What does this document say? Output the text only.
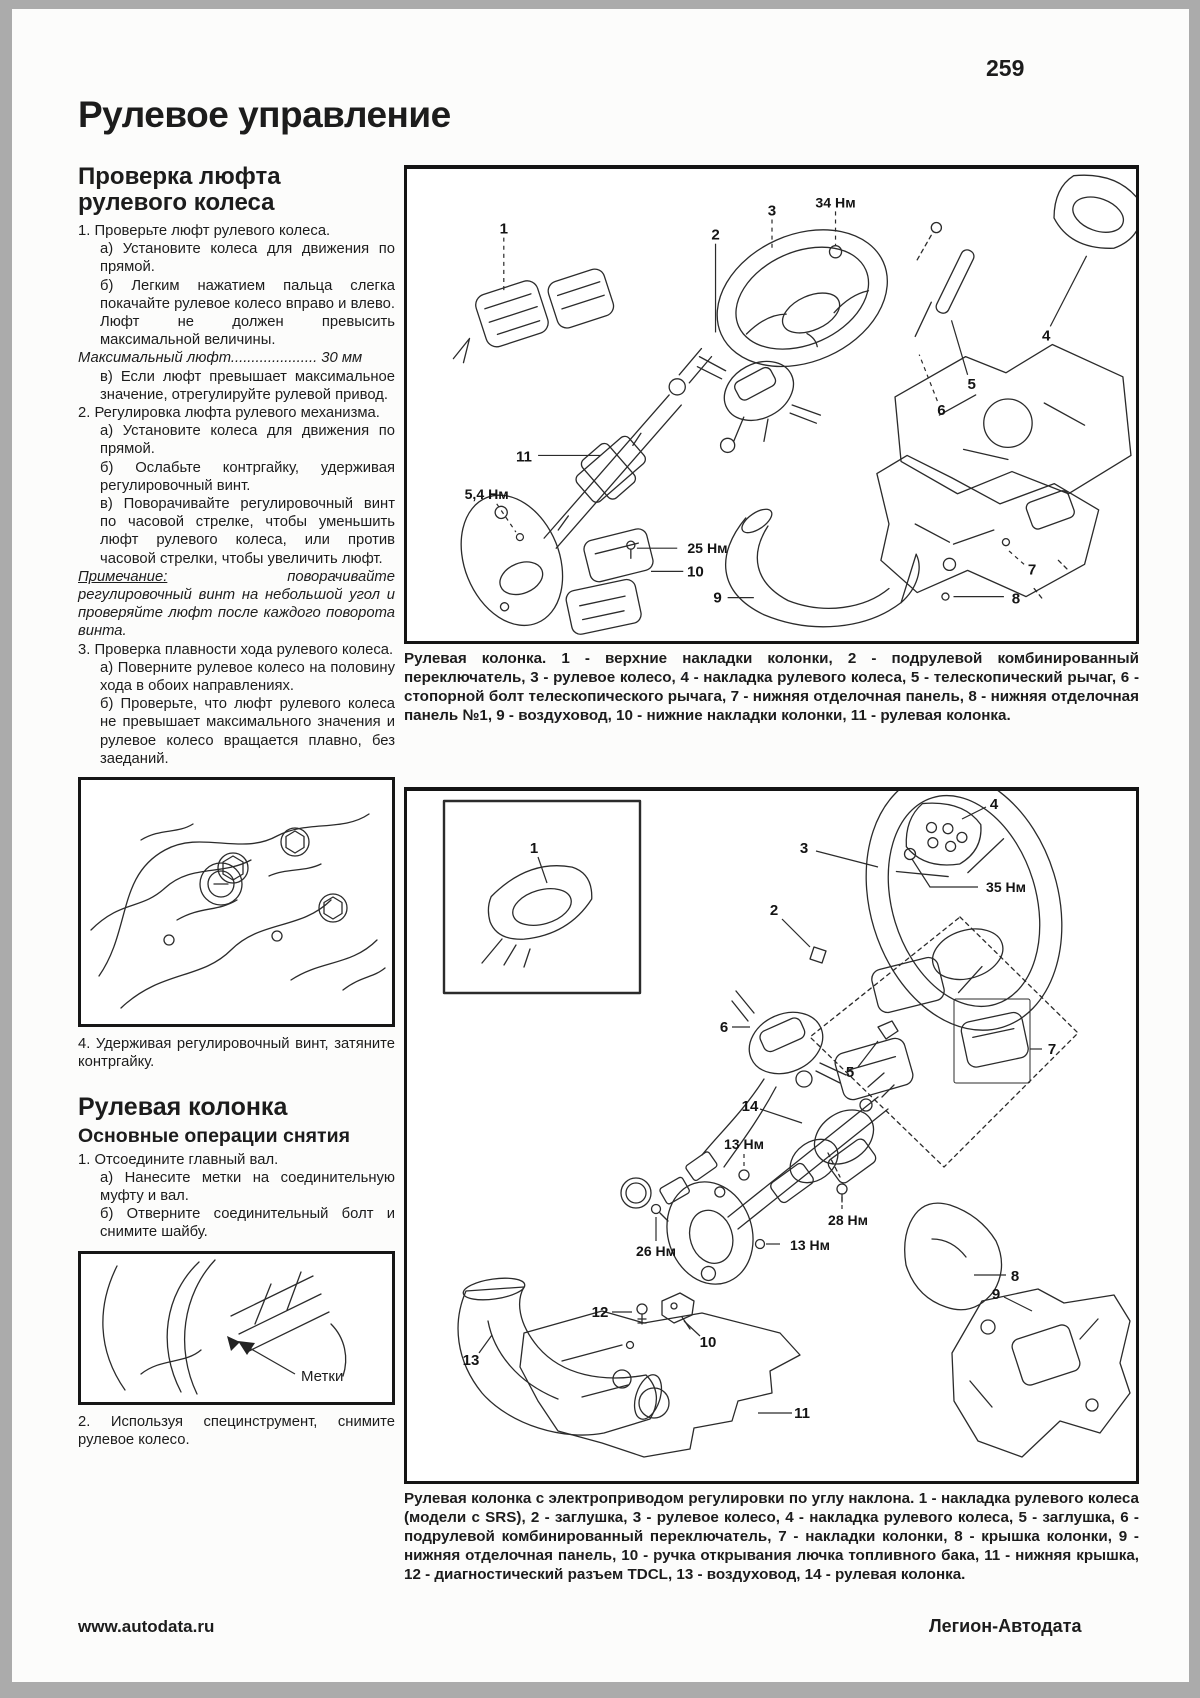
259
Рулевое управление
Проверка люфта
рулевого колеса

1. Проверьте люфт рулевого колеса.

а) Установите колеса для движения по прямой.

б) Легким нажатием пальца слегка покачайте рулевое колесо вправо и влево. Люфт не должен превысить максимальной величины.

Максимальный люфт..................... 30 мм

в) Если люфт превышает максимальное значение, отрегулируйте рулевой привод.

2. Регулировка люфта рулевого механизма.

а) Установите колеса для движения по прямой.

б) Ослабьте контргайку, удерживая регулировочный винт.

в) Поворачивайте регулировочный винт по часовой стрелке, чтобы уменьшить люфт рулевого колеса, или против часовой стрелки, чтобы увеличить люфт.

Примечание:	поворачивайте регулировочный винт на небольшой угол и проверяйте люфт после каждого поворота винта.

3. Проверка плавности хода рулевого колеса.

а) Поверните рулевое колесо на половину хода в обоих направлениях.

б) Проверьте, что люфт рулевого колеса не превышает максимального значения и рулевое колесо вращается плавно, без заеданий.

4. Удерживая регулировочный винт, затяните контргайку.

Рулевая колонка
Основные операции снятия

1. Отсоедините главный вал.

а) Нанесите метки на соединительную муфту и вал.

б) Отверните соединительный болт и снимите шайбу.

Метки

2. Используя специнструмент, снимите рулевое колесо.

1	2
3
34 Нм
4
5
6
11
5,4 Нм
25 Нм
10
9
7
8
Рулевая колонка. 1 - верхние накладки колонки, 2 - подрулевой комбинированный переключатель, 3 - рулевое колесо, 4 - накладка рулевого колеса, 5 - телескопический рычаг, 6 - стопорной болт телескопического рычага, 7 - нижняя отделочная панель, 8 - нижняя отделочная панель №1, 9 - воздуховод, 10 - нижние накладки колонки, 11 - рулевая колонка.
1	3
2
4
35 Нм
6
5
7
14
13 Нм
28 Нм
13 Нм
26 Нм
8
9
12
10
13
11
Рулевая колонка с электроприводом регулировки по углу наклона. 1 - накладка рулевого колеса (модели с SRS), 2 - заглушка, 3 - рулевое колесо, 4 - накладка рулевого колеса, 5 - заглушка, 6 - подрулевой комбинированный переключатель, 7 - накладки колонки, 8 - крышка колонки, 9 - нижняя отделочная панель, 10 - ручка открывания лючка топливного бака, 11 - нижняя крышка, 12 - диагностический разъем TDCL, 13 - воздуховод, 14 - рулевая колонка.
www.autodata.ru	Легион-Автодата
